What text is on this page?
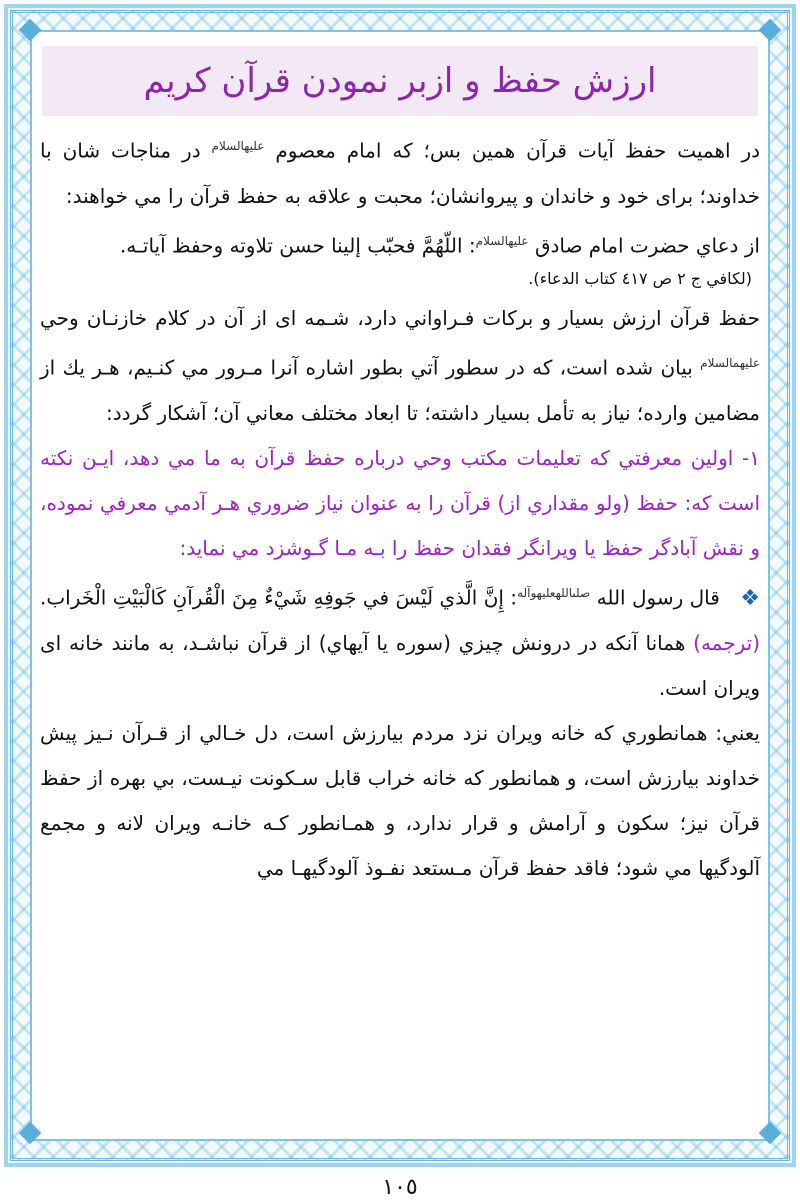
ارزش حفظ و ازبر نمودن قرآن کریم

در اهميت حفظ آيات قرآن همين بس؛ كه امام معصوم $^{عليهالسلام}$ در مناجات شان با خداوند؛ براى خود و خاندان و پيروانشان؛ محبت و علاقه به حفظ قرآن را مي خواهند:

از دعاي حضرت امام صادق $^{عليهالسلام}$: اللّهُمَّ فحبّب إلينا حسن تلاوته وحفظ آياتـه.

(لكافي ج ٢ ص ٤١٧ كتاب الدعاء).

حفظ قرآن ارزش بسيار و بركات فـراواني دارد، شـمه اى از آن در كلام خازنـان وحي $^{عليهمالسلام}$ بيان شده است، كه در سطور آتي بطور اشاره آنرا مـرور مي كنـيم، هـر يك از مضامين وارده؛ نياز به تأمل بسيار داشته؛ تا ابعاد مختلف معاني آن؛ آشكار گردد:

١- اولين معرفتي كه تعليمات مكتب وحي درباره حفظ قرآن به ما مي دهد، ايـن نكته است كه: حفظ (ولو مقداري از) قرآن را به عنوان نياز ضروري هـر آدمي معرفي نموده، و نقش آبادگر حفظ يا ويرانگر فقدان حفظ را بـه مـا گـوشزد مي نمايد:

❖ قال رسول الله $^{صلىاللهعليهوآله}$: إِنَّ الَّذي لَيْسَ في جَوفِهِ شَيْءٌ مِنَ الْقُرآنِ كَالْبَيْتِ الْخَراب. (ترجمه) همانا آنكه در درونش چيزي (سوره يا آيهاي) از قرآن نباشـد، به مانند خانه اى ويران است.

يعني: همانطوري كه خانه ويران نزد مردم بيارزش است، دل خـالي از قـرآن نـيز پيش خداوند بيارزش است، و همانطور كه خانه خراب قابل سـكونت نيـست، بي بهره از حفظ قرآن نيز؛ سكون و آرامش و قرار ندارد، و همـانطور كـه خانـه ويران لانه و مجمع آلودگيها مي شود؛ فاقد حفظ قرآن مـستعد نفـوذ آلودگيهـا مي

١٠٥
